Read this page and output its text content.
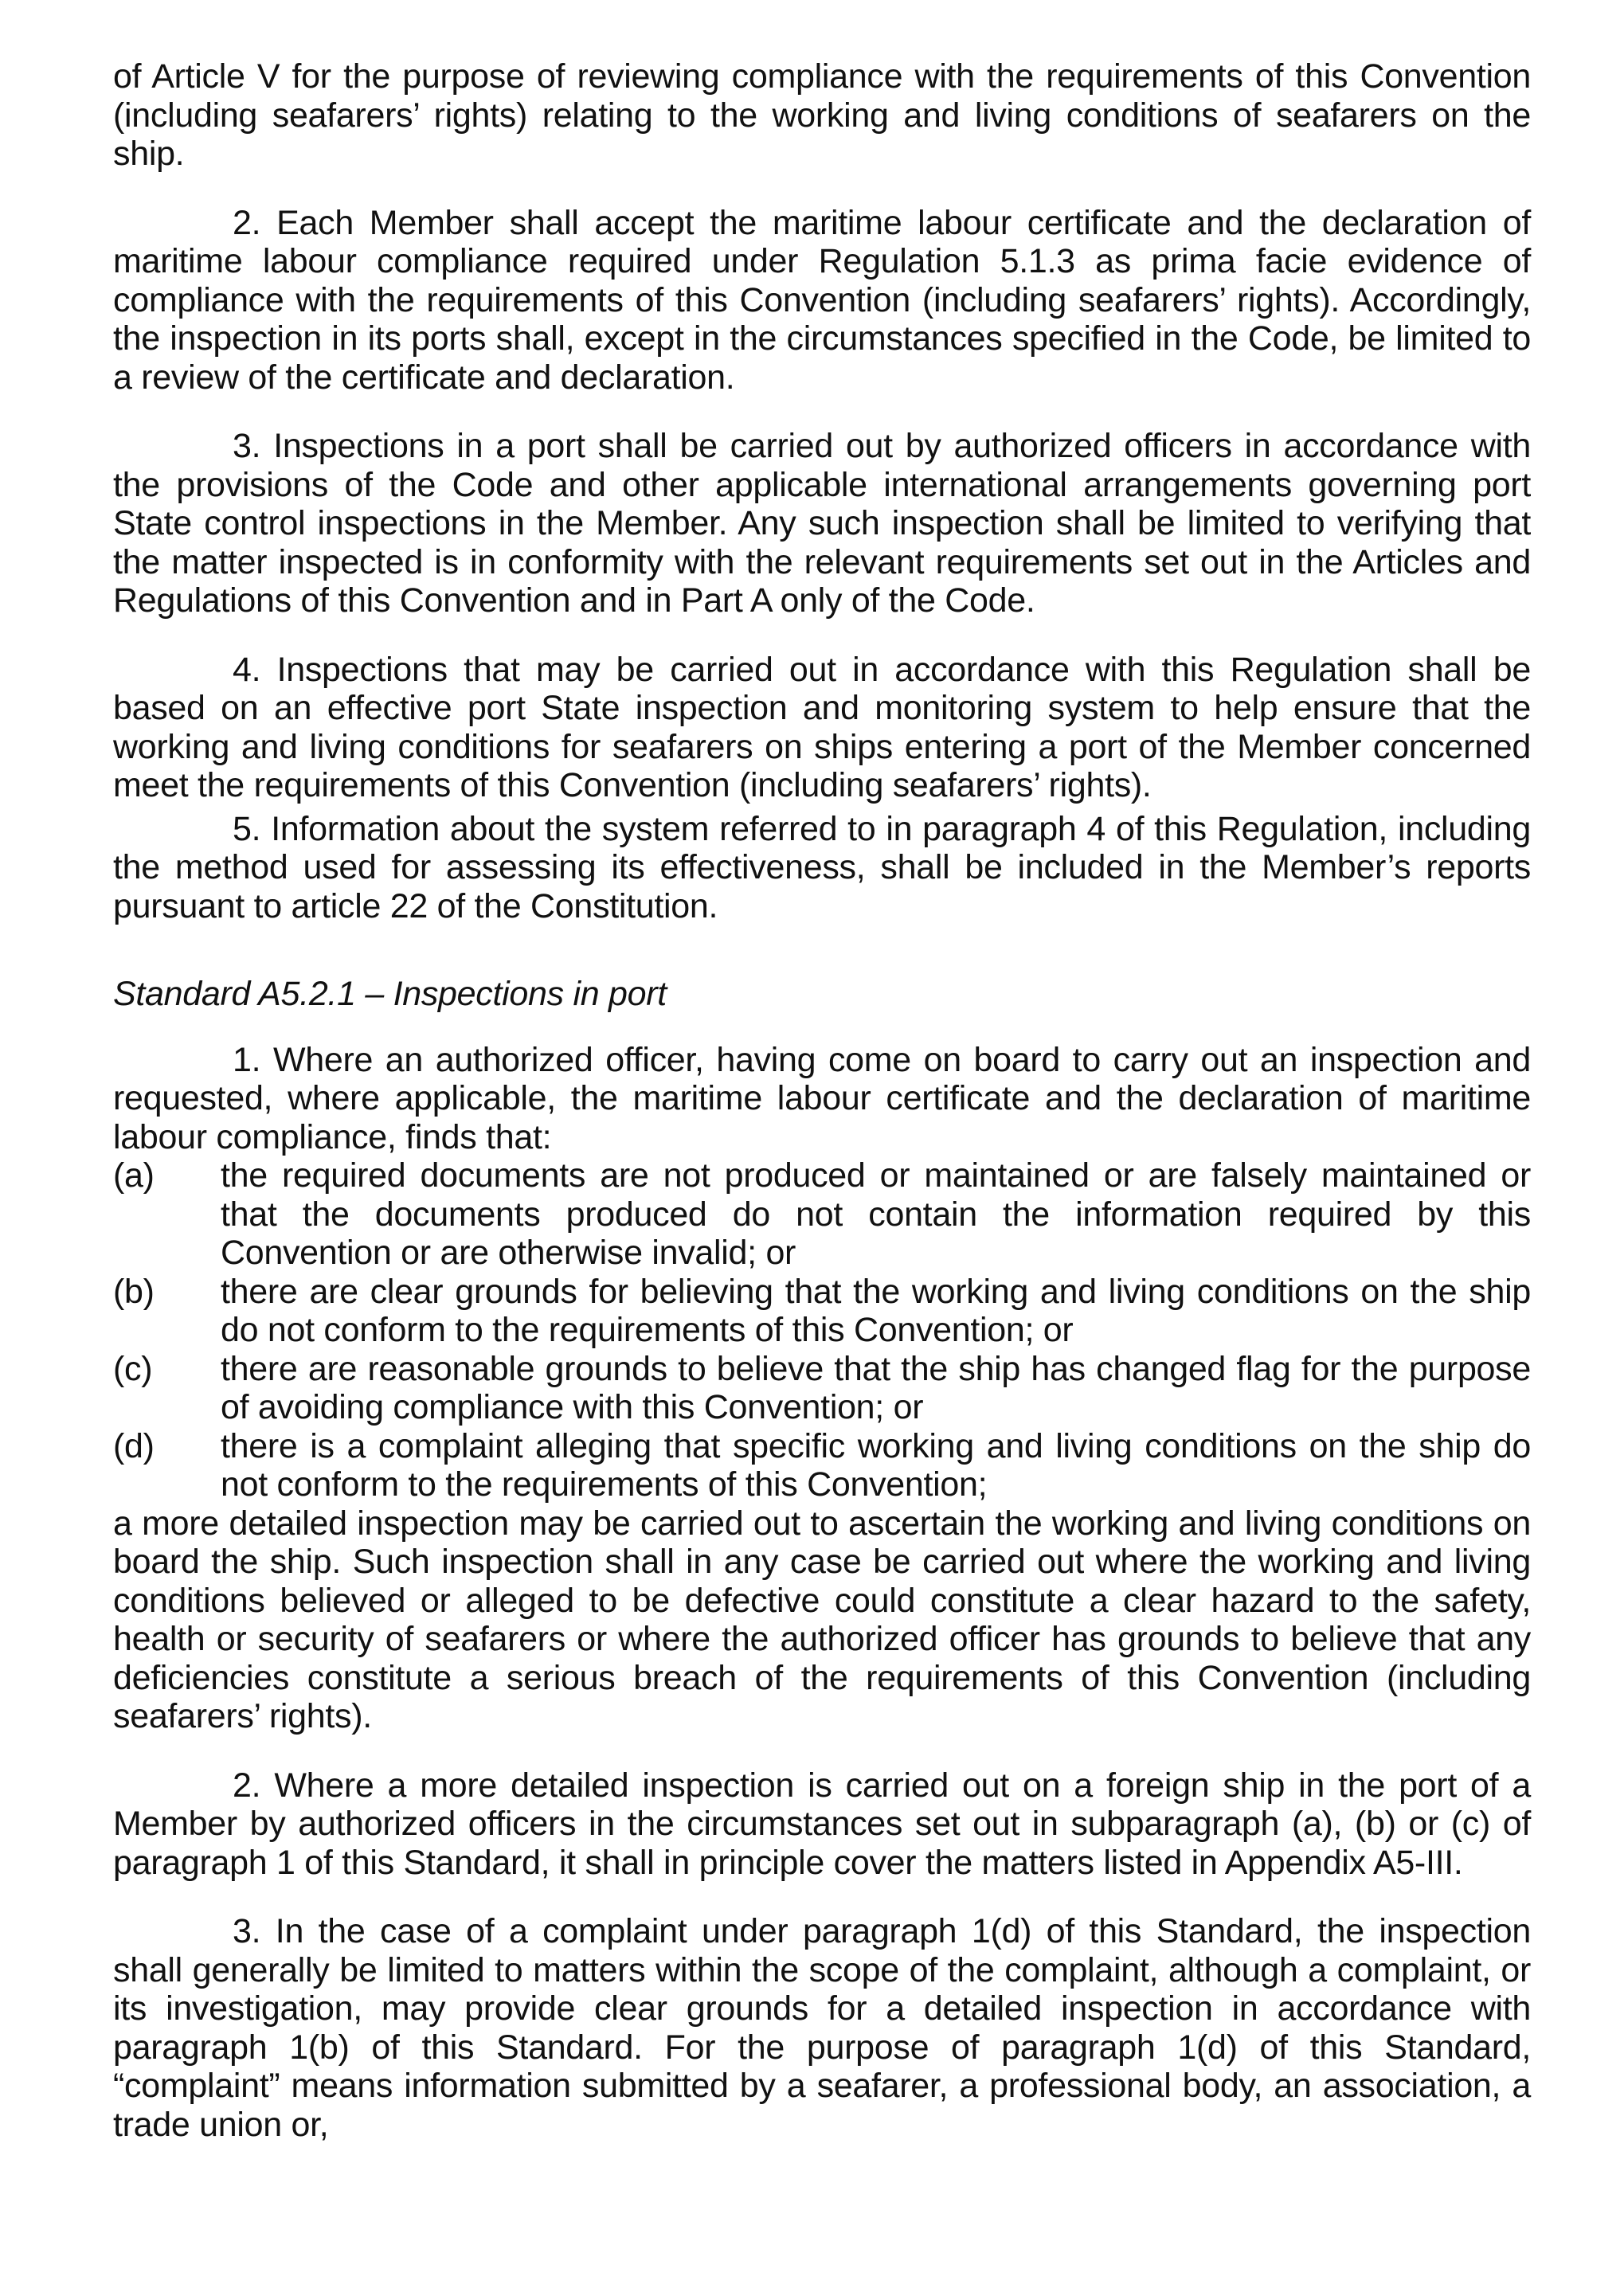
of Article V for the purpose of reviewing compliance with the requirements of this Convention (including seafarers’ rights) relating to the working and living conditions of seafarers on the ship.

2. Each Member shall accept the maritime labour certificate and the declaration of maritime labour compliance required under Regulation 5.1.3 as prima facie evidence of compliance with the requirements of this Convention (including seafarers’ rights). Accordingly, the inspection in its ports shall, except in the circumstances specified in the Code, be limited to a review of the certificate and declaration.

3. Inspections in a port shall be carried out by authorized officers in accordance with the provisions of the Code and other applicable international arrangements governing port State control inspections in the Member. Any such inspection shall be limited to verifying that the matter inspected is in conformity with the relevant requirements set out in the Articles and Regulations of this Convention and in Part A only of the Code.

4. Inspections that may be carried out in accordance with this Regulation shall be based on an effective port State inspection and monitoring system to help ensure that the working and living conditions for seafarers on ships entering a port of the Member concerned meet the requirements of this Convention (including seafarers’ rights).

5. Information about the system referred to in paragraph 4 of this Regulation, including the method used for assessing its effectiveness, shall be included in the Member’s reports pursuant to article 22 of the Constitution.

Standard A5.2.1 – Inspections in port

1. Where an authorized officer, having come on board to carry out an inspection and requested, where applicable, the maritime labour certificate and the declaration of maritime labour compliance, finds that:

(a)	the required documents are not produced or maintained or are falsely maintained or that the documents produced do not contain the information required by this Convention or are otherwise invalid; or
(b)	there are clear grounds for believing that the working and living conditions on the ship do not conform to the requirements of this Convention; or
(c)	there are reasonable grounds to believe that the ship has changed flag for the purpose of avoiding compliance with this Convention; or
(d)	there is a complaint alleging that specific working and living conditions on the ship do not conform to the requirements of this Convention;

a more detailed inspection may be carried out to ascertain the working and living conditions on board the ship. Such inspection shall in any case be carried out where the working and living conditions believed or alleged to be defective could constitute a clear hazard to the safety, health or security of seafarers or where the authorized officer has grounds to believe that any deficiencies constitute a serious breach of the requirements of this Convention (including seafarers’ rights).

2. Where a more detailed inspection is carried out on a foreign ship in the port of a Member by authorized officers in the circumstances set out in subparagraph (a), (b) or (c) of paragraph 1 of this Standard, it shall in principle cover the matters listed in Appendix A5-III.

3. In the case of a complaint under paragraph 1(d) of this Standard, the inspection shall generally be limited to matters within the scope of the complaint, although a complaint, or its investigation, may provide clear grounds for a detailed inspection in accordance with paragraph 1(b) of this Standard. For the purpose of paragraph 1(d) of this Standard, “complaint” means information submitted by a seafarer, a professional body, an association, a trade union or,
